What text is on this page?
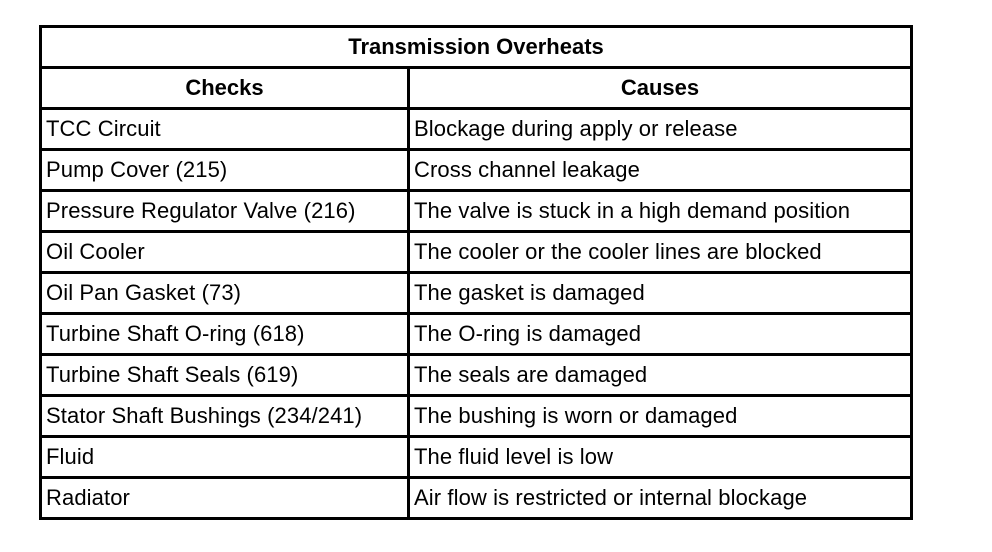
Transmission Overheats	
Checks	Causes
TCC Circuit	Blockage during apply or release
Pump Cover (215)	Cross channel leakage
Pressure Regulator Valve (216)	The valve is stuck in a high demand position
Oil Cooler	The cooler or the cooler lines are blocked
Oil Pan Gasket (73)	The gasket is damaged
Turbine Shaft O-ring (618)	The O-ring is damaged
Turbine Shaft Seals (619)	The seals are damaged
Stator Shaft Bushings (234/241)	The bushing is worn or damaged
Fluid	The fluid level is low
Radiator	Air flow is restricted or internal blockage
